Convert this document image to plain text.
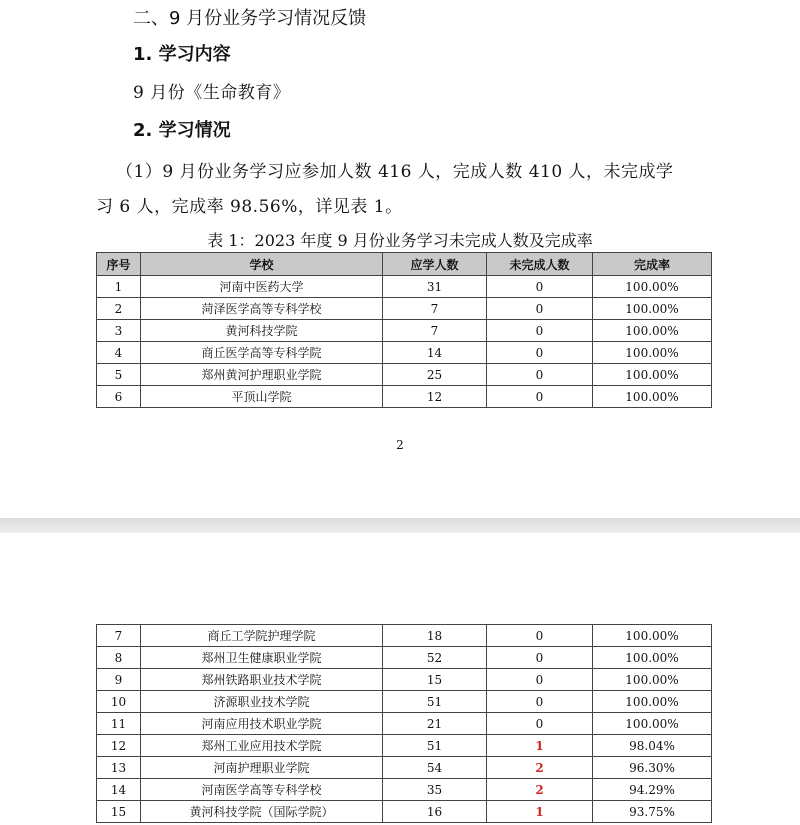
二、9 月份业务学习情况反馈
1. 学习内容
9 月份《生命教育》
2. 学习情况
（1）9 月份业务学习应参加人数 416 人，完成人数 410 人，未完成学
习 6 人，完成率 98.56%，详见表 1。
表 1：2023 年度 9 月份业务学习未完成人数及完成率
序号	学校	应学人数	未完成人数	完成率
1	河南中医药大学	31	0	100.00%
2	菏泽医学高等专科学校	7	0	100.00%
3	黄河科技学院	7	0	100.00%
4	商丘医学高等专科学院	14	0	100.00%
5	郑州黄河护理职业学院	25	0	100.00%
6	平顶山学院	12	0	100.00%
2
7	商丘工学院护理学院	18	0	100.00%
8	郑州卫生健康职业学院	52	0	100.00%
9	郑州铁路职业技术学院	15	0	100.00%
10	济源职业技术学院	51	0	100.00%
11	河南应用技术职业学院	21	0	100.00%
12	郑州工业应用技术学院	51	1	98.04%
13	河南护理职业学院	54	2	96.30%
14	河南医学高等专科学校	35	2	94.29%
15	黄河科技学院（国际学院）	16	1	93.75%
